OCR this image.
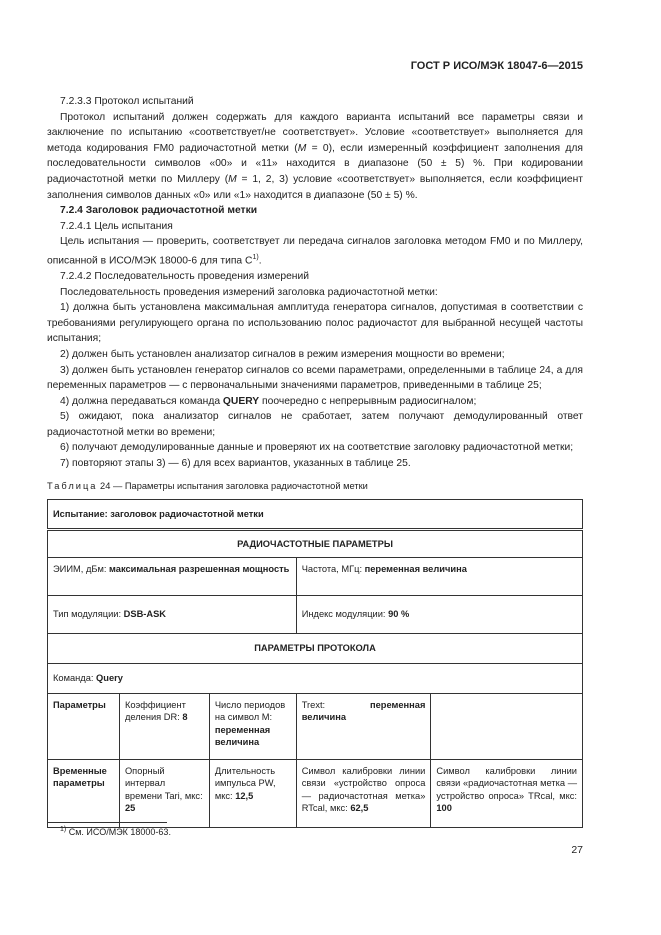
ГОСТ Р ИСО/МЭК 18047-6—2015

7.2.3.3 Протокол испытаний

Протокол испытаний должен содержать для каждого варианта испытаний все параметры связи и заключение по испытанию «соответствует/не соответствует». Условие «соответствует» выполняется для метода кодирования FM0 радиочастотной метки (M = 0), если измеренный коэффициент заполнения для последовательности символов «00» и «11» находится в диапазоне (50 ± 5) %. При кодировании радиочастотной метки по Миллеру (M = 1, 2, 3) условие «соответствует» выполняется, если коэффициент заполнения символов данных «0» или «1» находится в диапазоне (50 ± 5) %.

7.2.4 Заголовок радиочастотной метки

7.2.4.1 Цель испытания

Цель испытания — проверить, соответствует ли передача сигналов заголовка методом FM0 и по Миллеру, описанной в ИСО/МЭК 18000-6 для типа $C^{1)}$.

7.2.4.2 Последовательность проведения измерений

Последовательность проведения измерений заголовка радиочастотной метки:

1) должна быть установлена максимальная амплитуда генератора сигналов, допустимая в соответствии с требованиями регулирующего органа по использованию полос радиочастот для выбранной несущей частоты испытания;

2) должен быть установлен анализатор сигналов в режим измерения мощности во времени;

3) должен быть установлен генератор сигналов со всеми параметрами, определенными в таблице 24, а для переменных параметров — с первоначальными значениями параметров, приведенными в таблице 25;

4) должна передаваться команда QUERY поочередно с непрерывным радиосигналом;

5) ожидают, пока анализатор сигналов не сработает, затем получают демодулированный ответ радиочастотной метки во времени;

6) получают демодулированные данные и проверяют их на соответствие заголовку радиочастотной метки;

7) повторяют этапы 3) — 6) для всех вариантов, указанных в таблице 25.

Таблица 24 — Параметры испытания заголовка радиочастотной метки
Испытание: заголовок радиочастотной метки				
РАДИОЧАСТОТНЫЕ ПАРАМЕТРЫ				
ЭИИМ, дБм: максимальная разрешенная мощность			Частота, МГц: переменная величина	
Тип модуляции: DSB-ASK			Индекс модуляции: 90 %	
ПАРАМЕТРЫ ПРОТОКОЛА				
Команда: Query				
Параметры	Коэффициент деления DR: 8	Число периодов на символ M: переменная величина	Trext: переменная величина	
Временные параметры	Опорный интервал времени Tari, мкс: 25	Длительность импульса PW, мкс: 12,5	Символ калибровки линии связи «устройство опроса — радиочастотная метка» RTcal, мкс: 62,5	Символ калибровки линии связи «радиочастотная метка — устройство опроса» TRcal, мкс: 100
$^{1)}$ См. ИСО/МЭК 18000-63.
27
